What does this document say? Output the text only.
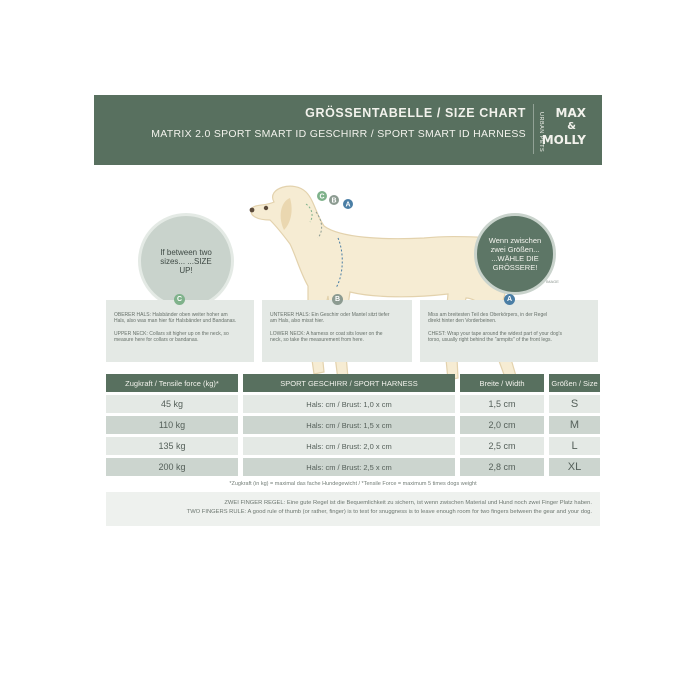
GRÖSSENTABELLE / SIZE CHART
MATRIX 2.0 SPORT SMART ID GESCHIRR / SPORT SMART ID HARNESS URBAN PETS MAX
&
MOLLY
C
B
A
If between two sizes... ...SIZE UP!
Wenn zwischen zwei Größen... ...WÄHLE DIE GRÖSSERE!
IMAGE
C
OBERER HALS: Halsbänder oben weiter hoher am
Hals, also was man hier für Halsbänder und Bandanas.

UPPER NECK: Collars sit higher up on the neck, so
measure here for collars or bandanas.
B
UNTERER HALS: Ein Geschirr oder Mantel sitzt tiefer
am Hals, also misst hier.

LOWER NECK: A harness or coat sits lower on the
neck, so take the measurement from here.
A
Miss am breitesten Teil des Oberkörpers, in der Regel
direkt hinter den Vorderbeinen.

CHEST: Wrap your tape around the widest part of your dog's
torso, usually right behind the "armpits" of the front legs.
Zugkraft / Tensile force (kg)*	SPORT GESCHIRR / SPORT HARNESS	Breite / Width	Größen / Size
45 kg	Hals: cm / Brust: 1,0 x cm	1,5 cm	S
110 kg	Hals: cm / Brust: 1,5 x cm	2,0 cm	M
135 kg	Hals: cm / Brust: 2,0 x cm	2,5 cm	L
200 kg	Hals: cm / Brust: 2,5 x cm	2,8 cm	XL
*Zugkraft (in kg) = maximal das fache Hundegewicht / *Tensile Force = maximum 5 times dogs weight
ZWEI FINGER REGEL: Eine gute Regel ist die Bequemlichkeit zu sichern, ist wenn zwischen Material und Hund noch zwei Finger Platz haben.
TWO FINGERS RULE: A good rule of thumb (or rather, finger) is to test for snuggness is to leave enough room for two fingers between the gear and your dog.
